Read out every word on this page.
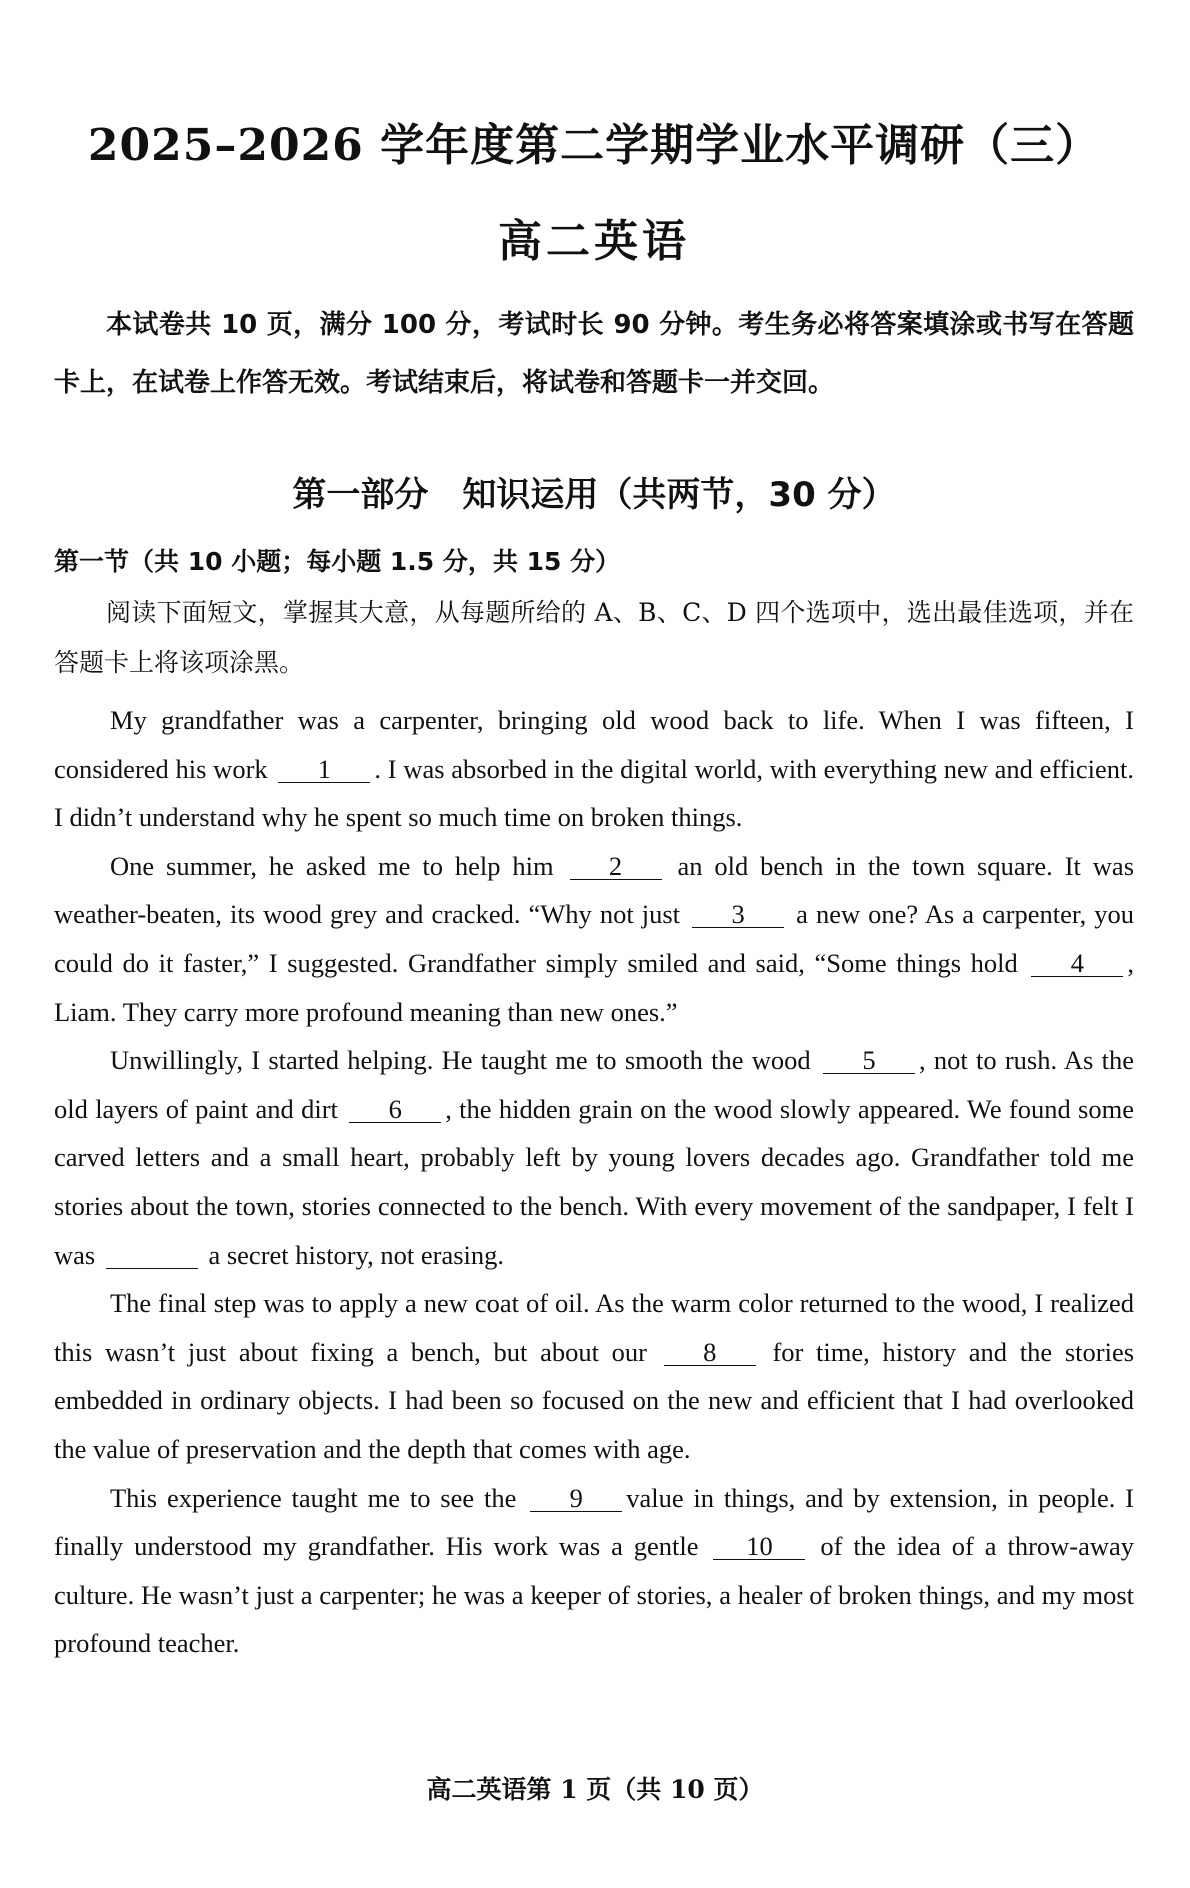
2025–2026 学年度第二学期学业水平调研（三）
高二英语

本试卷共 10 页，满分 100 分，考试时长 90 分钟。考生务必将答案填涂或书写在答题卡上，在试卷上作答无效。考试结束后，将试卷和答题卡一并交回。

第一部分　知识运用（共两节，30 分）

第一节（共 10 小题；每小题 1.5 分，共 15 分）

阅读下面短文，掌握其大意，从每题所给的 A、B、C、D 四个选项中，选出最佳选项，并在答题卡上将该项涂黑。

My grandfather was a carpenter, bringing old wood back to life. When I was fifteen, I considered his work 1 . I was absorbed in the digital world, with everything new and efficient. I didn’t understand why he spent so much time on broken things.

One summer, he asked me to help him 2 an old bench in the town square. It was weather-beaten, its wood grey and cracked. “Why not just 3 a new one? As a carpenter, you could do it faster,” I suggested. Grandfather simply smiled and said, “Some things hold 4 , Liam. They carry more profound meaning than new ones.”

Unwillingly, I started helping. He taught me to smooth the wood 5 , not to rush. As the old layers of paint and dirt 6 , the hidden grain on the wood slowly appeared. We found some carved letters and a small heart, probably left by young lovers decades ago. Grandfather told me stories about the town, stories connected to the bench. With every movement of the sandpaper, I felt I was	a secret history, not erasing.

The final step was to apply a new coat of oil. As the warm color returned to the wood, I realized this wasn’t just about fixing a bench, but about our 8 for time, history and the stories embedded in ordinary objects. I had been so focused on the new and efficient that I had overlooked the value of preservation and the depth that comes with age.

This experience taught me to see the 9 value in things, and by extension, in people. I finally understood my grandfather. His work was a gentle 10 of the idea of a throw-away culture. He wasn’t just a carpenter; he was a keeper of stories, a healer of broken things, and my most profound teacher.

高二英语第 1 页（共 10 页）
